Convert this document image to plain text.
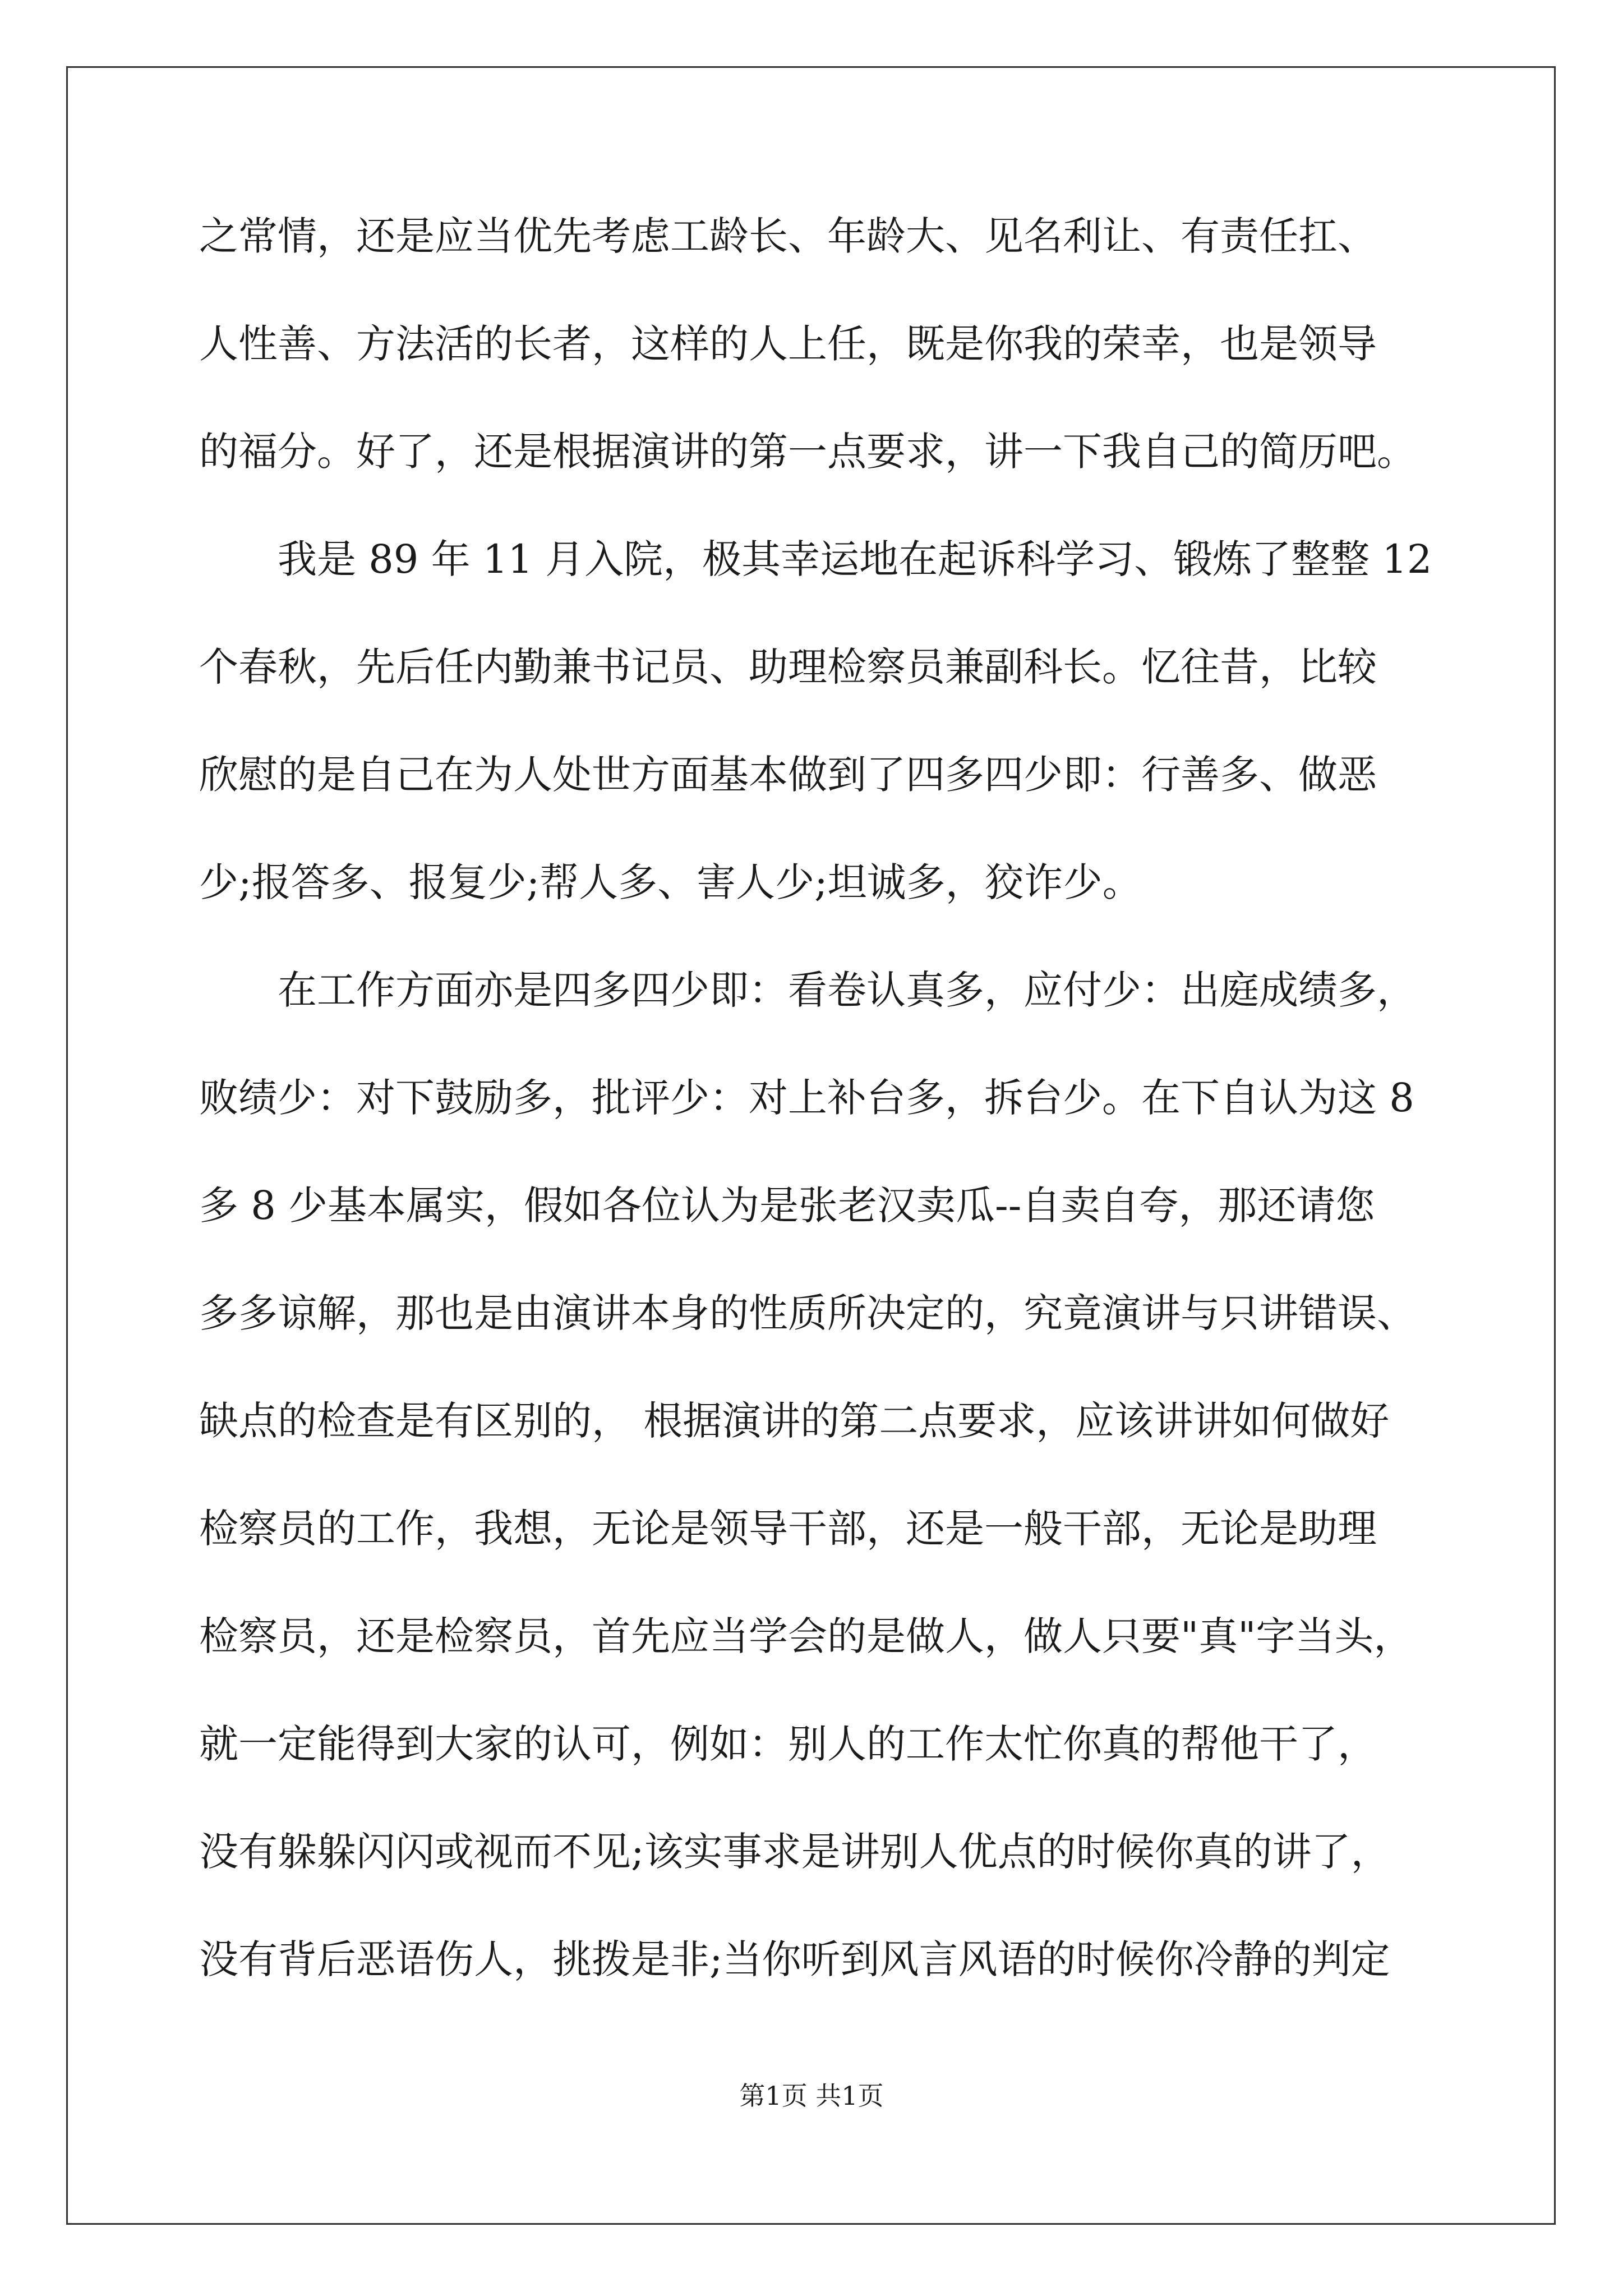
之常情，还是应当优先考虑工龄长、年龄大、见名利让、有责任扛、
人性善、方法活的长者，这样的人上任，既是你我的荣幸，也是领导
的福分。好了，还是根据演讲的第一点要求，讲一下我自己的简历吧。
我是 89 年 11 月入院，极其幸运地在起诉科学习、锻炼了整整 12
个春秋，先后任内勤兼书记员、助理检察员兼副科长。忆往昔，比较
欣慰的是自己在为人处世方面基本做到了四多四少即：行善多、做恶
少;报答多、报复少;帮人多、害人少;坦诚多，狡诈少。
在工作方面亦是四多四少即：看卷认真多，应付少：出庭成绩多，
败绩少：对下鼓励多，批评少：对上补台多，拆台少。在下自认为这 8
多 8 少基本属实，假如各位认为是张老汉卖瓜--自卖自夸，那还请您
多多谅解，那也是由演讲本身的性质所决定的，究竟演讲与只讲错误、
缺点的检查是有区别的， 根据演讲的第二点要求，应该讲讲如何做好
检察员的工作，我想，无论是领导干部，还是一般干部，无论是助理
检察员，还是检察员，首先应当学会的是做人，做人只要"真"字当头，
就一定能得到大家的认可，例如：别人的工作太忙你真的帮他干了，
没有躲躲闪闪或视而不见;该实事求是讲别人优点的时候你真的讲了，
没有背后恶语伤人，挑拨是非;当你听到风言风语的时候你冷静的判定
第1页 共1页
